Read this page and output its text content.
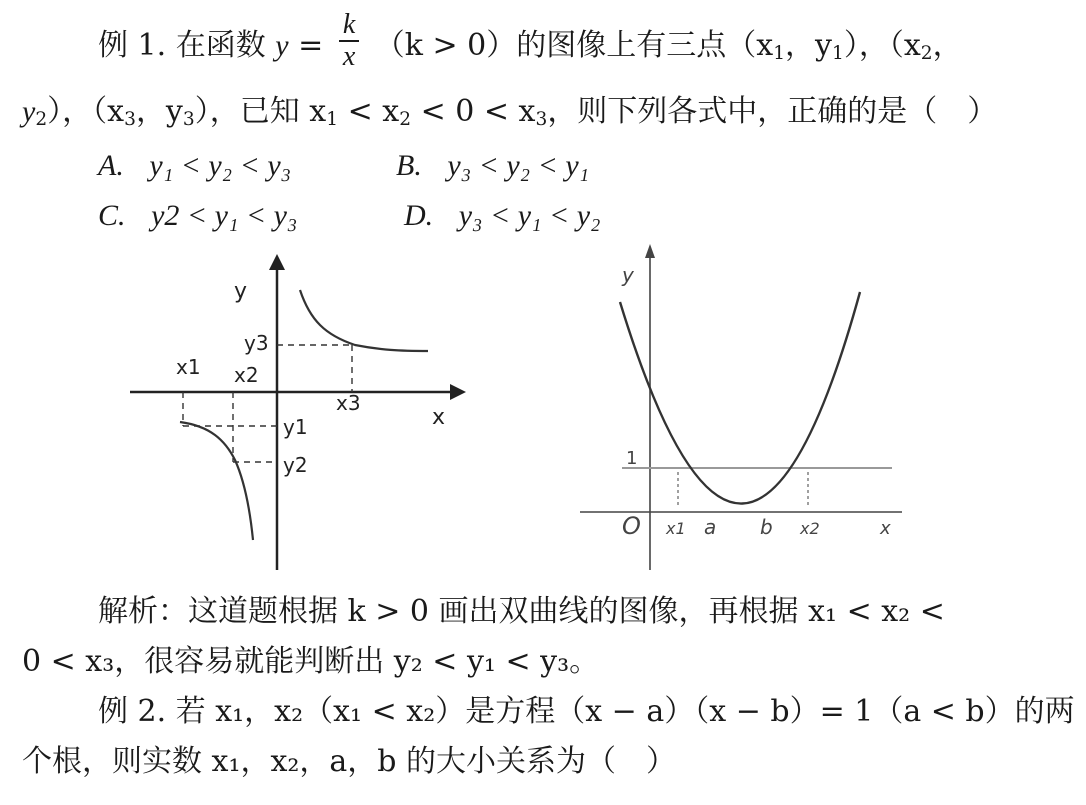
例 1. 在函数 $y = \frac{k}{x} (k > 0)$的图像上有三点（$x_1$，$y_1$），（$x_2$，
$y_2$），（$x_3$，$y_3$），已知 $x_1 < x_2 < 0 < x_3$，则下列各式中，正确的是（　）
A. y₁ < y₂ < y₃	B. y₃ < y₂ < y₁
C. y2 < y₁ < y₃	D. y₃ < y₁ < y₂
y
x
x1 x2
x3
y1
y2
y3
y
x
O
1
x1 a b x2
解析：这道题根据 k > 0 画出双曲线的图像，再根据 x₁ < x₂ <
0 < x₃，很容易就能判断出 y₂ < y₁ < y₃。
例 2. 若 x₁，x₂（x₁ < x₂）是方程（x − a）（x − b）= 1（a < b）的两
个根，则实数 x₁，x₂，a，b 的大小关系为（　）
